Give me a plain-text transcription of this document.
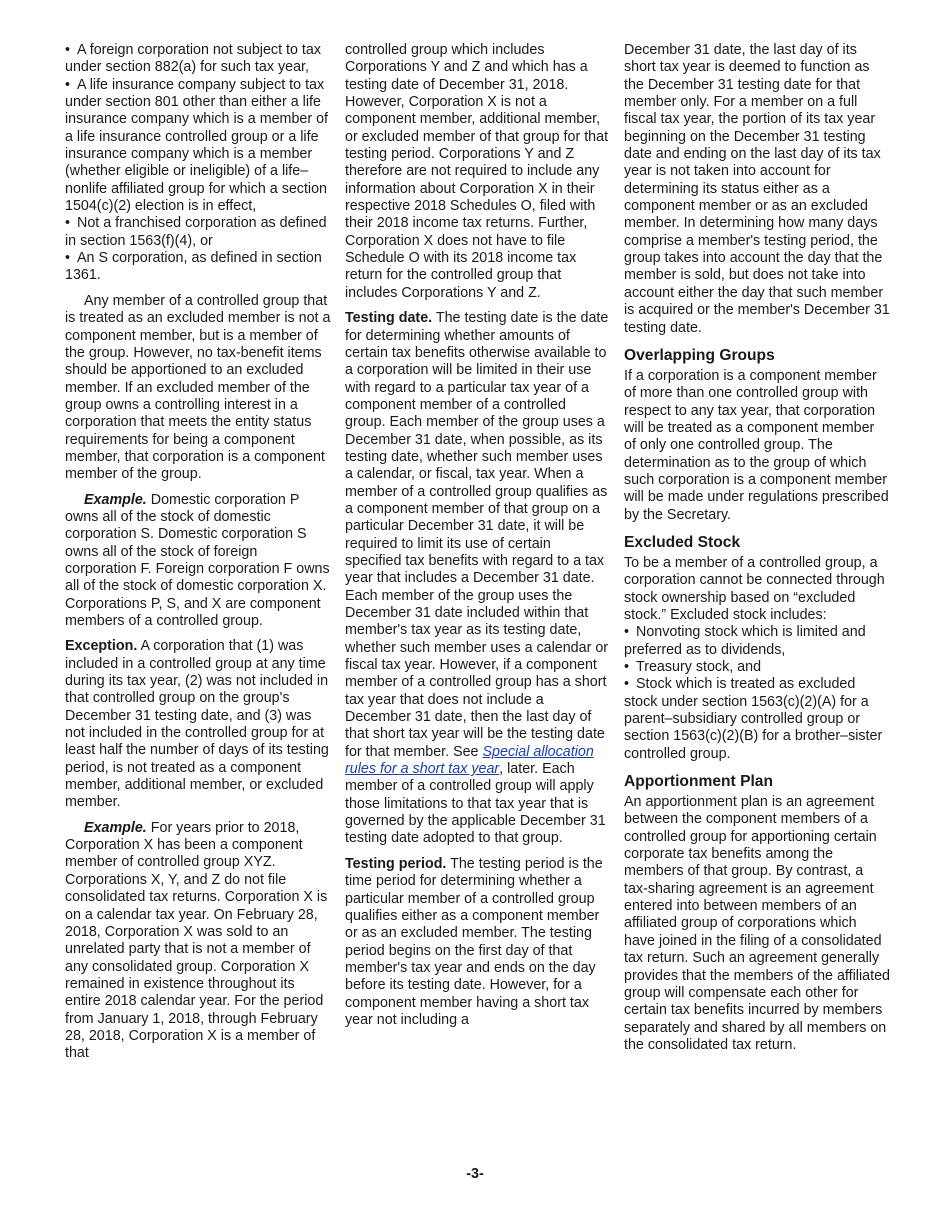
• A foreign corporation not subject to tax under section 882(a) for such tax year,

• A life insurance company subject to tax under section 801 other than either a life insurance company which is a member of a life insurance controlled group or a life insurance company which is a member (whether eligible or ineligible) of a life–nonlife affiliated group for which a section 1504(c)(2) election is in effect,

• Not a franchised corporation as defined in section 1563(f)(4), or

• An S corporation, as defined in section 1361.

Any member of a controlled group that is treated as an excluded member is not a component member, but is a member of the group. However, no tax-benefit items should be apportioned to an excluded member. If an excluded member of the group owns a controlling interest in a corporation that meets the entity status requirements for being a component member, that corporation is a component member of the group.

Example. Domestic corporation P owns all of the stock of domestic corporation S. Domestic corporation S owns all of the stock of foreign corporation F. Foreign corporation F owns all of the stock of domestic corporation X. Corporations P, S, and X are component members of a controlled group.

Exception. A corporation that (1) was included in a controlled group at any time during its tax year, (2) was not included in that controlled group on the group's December 31 testing date, and (3) was not included in the controlled group for at least half the number of days of its testing period, is not treated as a component member, additional member, or excluded member.

Example. For years prior to 2018, Corporation X has been a component member of controlled group XYZ. Corporations X, Y, and Z do not file consolidated tax returns. Corporation X is on a calendar tax year. On February 28, 2018, Corporation X was sold to an unrelated party that is not a member of any consolidated group. Corporation X remained in existence throughout its entire 2018 calendar year. For the period from January 1, 2018, through February 28, 2018, Corporation X is a member of that

controlled group which includes Corporations Y and Z and which has a testing date of December 31, 2018. However, Corporation X is not a component member, additional member, or excluded member of that group for that testing period. Corporations Y and Z therefore are not required to include any information about Corporation X in their respective 2018 Schedules O, filed with their 2018 income tax returns. Further, Corporation X does not have to file Schedule O with its 2018 income tax return for the controlled group that includes Corporations Y and Z.

Testing date. The testing date is the date for determining whether amounts of certain tax benefits otherwise available to a corporation will be limited in their use with regard to a particular tax year of a component member of a controlled group. Each member of the group uses a December 31 date, when possible, as its testing date, whether such member uses a calendar, or fiscal, tax year. When a member of a controlled group qualifies as a component member of that group on a particular December 31 date, it will be required to limit its use of certain specified tax benefits with regard to a tax year that includes a December 31 date. Each member of the group uses the December 31 date included within that member's tax year as its testing date, whether such member uses a calendar or fiscal tax year. However, if a component member of a controlled group has a short tax year that does not include a December 31 date, then the last day of that short tax year will be the testing date for that member. See Special allocation rules for a short tax year, later. Each member of a controlled group will apply those limitations to that tax year that is governed by the applicable December 31 testing date adopted to that group.

Testing period. The testing period is the time period for determining whether a particular member of a controlled group qualifies either as a component member or as an excluded member. The testing period begins on the first day of that member's tax year and ends on the day before its testing date. However, for a component member having a short tax year not including a

December 31 date, the last day of its short tax year is deemed to function as the December 31 testing date for that member only. For a member on a full fiscal tax year, the portion of its tax year beginning on the December 31 testing date and ending on the last day of its tax year is not taken into account for determining its status either as a component member or as an excluded member. In determining how many days comprise a member's testing period, the group takes into account the day that the member is sold, but does not take into account either the day that such member is acquired or the member's December 31 testing date.

Overlapping Groups

If a corporation is a component member of more than one controlled group with respect to any tax year, that corporation will be treated as a component member of only one controlled group. The determination as to the group of which such corporation is a component member will be made under regulations prescribed by the Secretary.

Excluded Stock

To be a member of a controlled group, a corporation cannot be connected through stock ownership based on “excluded stock.” Excluded stock includes:

• Nonvoting stock which is limited and preferred as to dividends,

• Treasury stock, and

• Stock which is treated as excluded stock under section 1563(c)(2)(A) for a parent–subsidiary controlled group or section 1563(c)(2)(B) for a brother–sister controlled group.

Apportionment Plan

An apportionment plan is an agreement between the component members of a controlled group for apportioning certain corporate tax benefits among the members of that group. By contrast, a tax-sharing agreement is an agreement entered into between members of an affiliated group of corporations which have joined in the filing of a consolidated tax return. Such an agreement generally provides that the members of the affiliated group will compensate each other for certain tax benefits incurred by members separately and shared by all members on the consolidated tax return.

-3-
